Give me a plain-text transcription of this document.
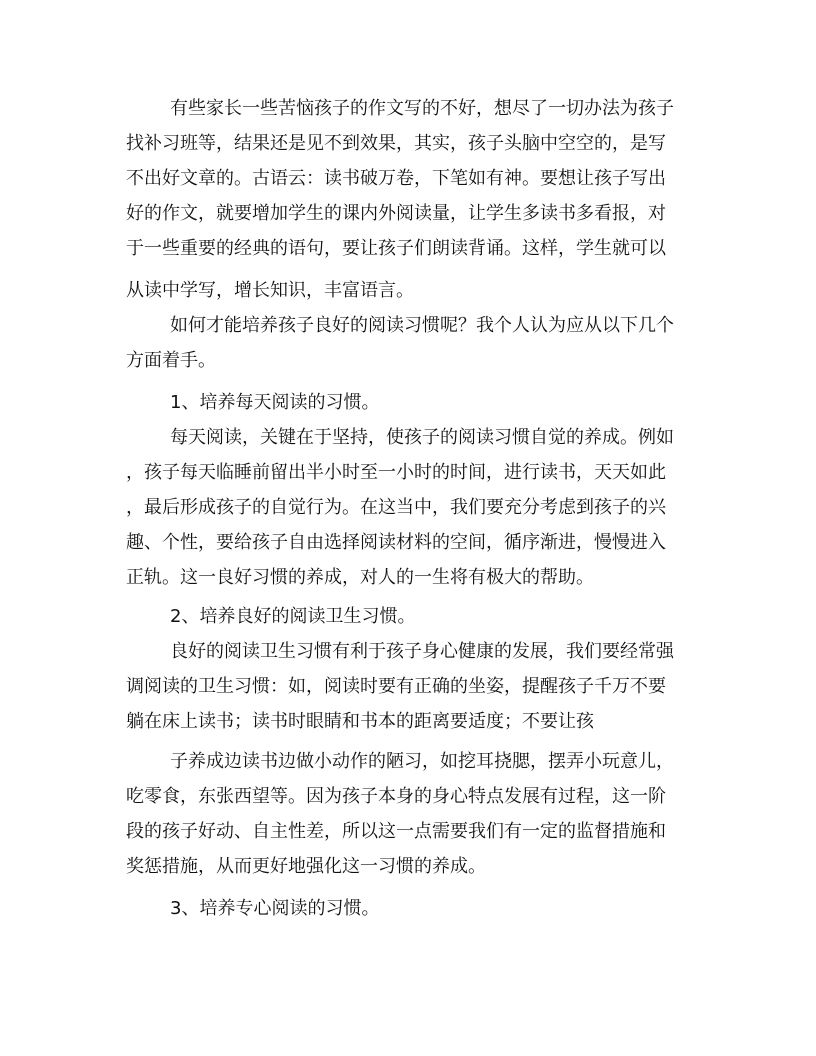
有些家长一些苦恼孩子的作文写的不好，想尽了一切办法为孩子
找补习班等，结果还是见不到效果，其实，孩子头脑中空空的，是写
不出好文章的。古语云：读书破万卷，下笔如有神。要想让孩子写出
好的作文，就要增加学生的课内外阅读量，让学生多读书多看报，对
于一些重要的经典的语句，要让孩子们朗读背诵。这样，学生就可以
从读中学写，增长知识，丰富语言。
如何才能培养孩子良好的阅读习惯呢？我个人认为应从以下几个
方面着手。
1、培养每天阅读的习惯。
每天阅读，关键在于坚持，使孩子的阅读习惯自觉的养成。例如
，孩子每天临睡前留出半小时至一小时的时间，进行读书，天天如此
，最后形成孩子的自觉行为。在这当中，我们要充分考虑到孩子的兴
趣、个性，要给孩子自由选择阅读材料的空间，循序渐进，慢慢进入
正轨。这一良好习惯的养成，对人的一生将有极大的帮助。
2、培养良好的阅读卫生习惯。
良好的阅读卫生习惯有利于孩子身心健康的发展，我们要经常强
调阅读的卫生习惯：如，阅读时要有正确的坐姿，提醒孩子千万不要
躺在床上读书；读书时眼睛和书本的距离要适度；不要让孩
子养成边读书边做小动作的陋习，如挖耳挠腮，摆弄小玩意儿，
吃零食，东张西望等。因为孩子本身的身心特点发展有过程，这一阶
段的孩子好动、自主性差，所以这一点需要我们有一定的监督措施和
奖惩措施，从而更好地强化这一习惯的养成。
3、培养专心阅读的习惯。
